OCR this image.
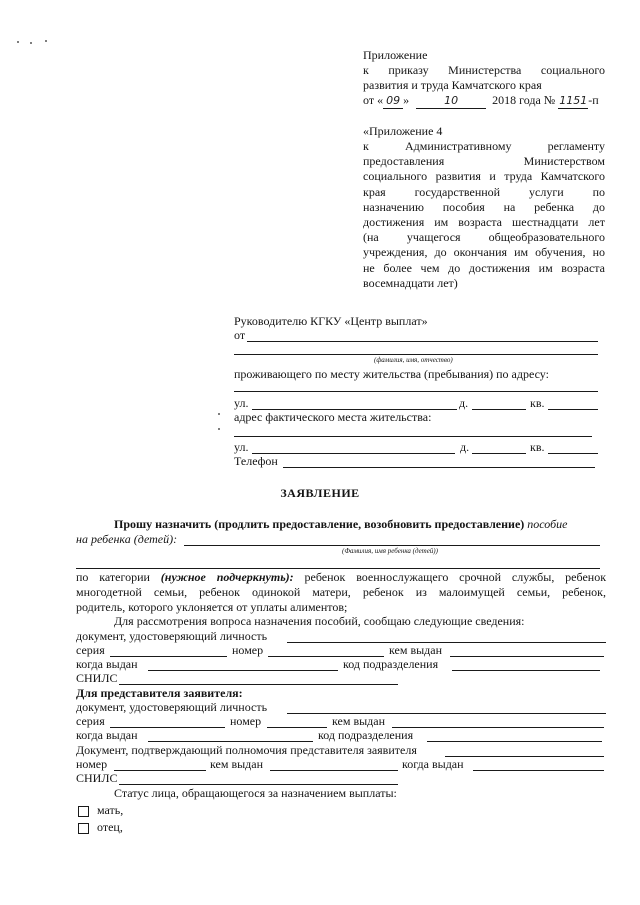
Приложение
к приказу Министерства социального
развития и труда Камчатского края
от « 09 »	10	2018 года № 1151-п
«Приложение 4
к Административному регламенту
предоставления Министерством
социального развития и труда Камчатского
края государственной услуги по
назначению пособия на ребенка до
достижения им возраста шестнадцати лет
(на учащегося общеобразовательного
учреждения, до окончания им обучения, но
не более чем до достижения им возраста
восемнадцати лет)
Руководителю КГКУ «Центр выплат»
от
(фамилия, имя, отчество)
проживающего по месту жительства (пребывания) по адресу:
ул.	д.	кв.
адрес фактического места жительства:
ул.	д.	кв.
Телефон
ЗАЯВЛЕНИЕ
Прошу назначить (продлить предоставление, возобновить предоставление) пособие
на ребенка (детей):
(Фамилия, имя ребенка (детей))
по категории (нужное подчеркнуть): ребенок военнослужащего срочной службы, ребенок
многодетной семьи, ребенок одинокой матери, ребенок из малоимущей семьи, ребенок,
родитель, которого уклоняется от уплаты алиментов;
Для рассмотрения вопроса назначения пособий, сообщаю следующие сведения:
документ, удостоверяющий личность
серия	номер	кем выдан
когда выдан	код подразделения
СНИЛС
Для представителя заявителя:
документ, удостоверяющий личность
серия	номер	кем выдан
когда выдан	код подразделения
Документ, подтверждающий полномочия представителя заявителя
номер	кем выдан	когда выдан
СНИЛС
Статус лица, обращающегося за назначением выплаты:
мать,
отец,
